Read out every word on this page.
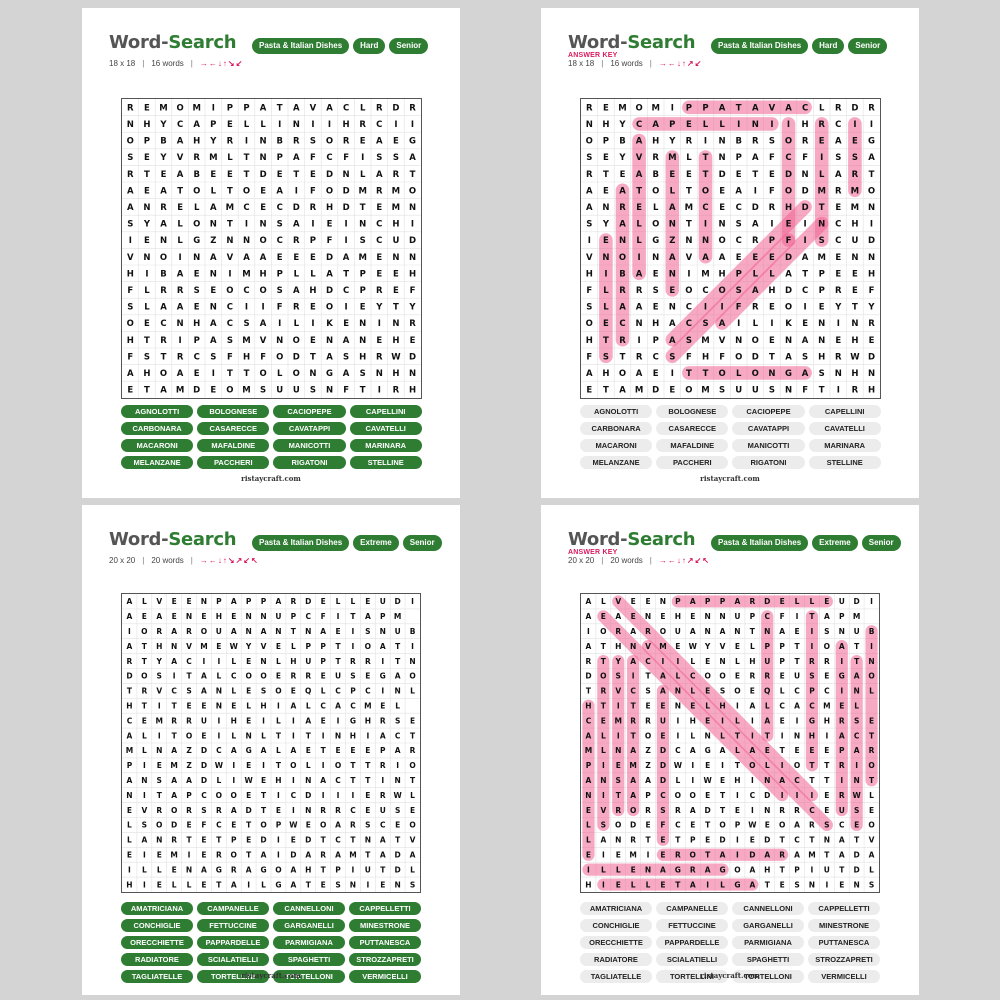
Word-Search	Pasta & Italian Dishes	Hard	Senior
18 x 18 | 16 words | →←↓↑↘↙
R E M O M I P P A T A V A C L R D R
N H Y C A P E L L I N I I H R C I I
O P B A H Y R I N B R S O R E A E G
S E Y V R M L T N P A F C F I S S A
R T E A B E E T D E T E D N L A R T
A E A T O L T O E A I F O D M R M O
A N R E L A M C E C D R H D T E M N
S Y A L O N T I N S A I E I N C H I
I E N L G Z N N O C R P F I S C U D
V N O I N A V A A E E E D A M E N N
H I B A E N I M H P L L A T P E E H
F L R R S E O C O S A H D C P R E F
S L A A E N C I I F R E O I E Y T Y
O E C N H A C S A I L I K E N I N R
H T R I P A S M V N O E N A N E H E
F S T R C S F H F O D T A S H R W D
A H O A E I T T O L O N G A S N H N
E T A M D E O M S U U S N F T I R H
AGNOLOTTI	BOLOGNESE	CACIOPEPE	CAPELLINI
CARBONARA	CASARECCE	CAVATAPPI	CAVATELLI
MACARONI	MAFALDINE	MANICOTTI	MARINARA
MELANZANE	PACCHERI	RIGATONI	STELLINE
ristaycraft.com
Word-Search	Pasta & Italian Dishes	Hard	Senior
ANSWER KEY
18 x 18 | 16 words | →←↓↑↗↙
R E M O M I P P A T A V A C L R D R
N H Y C A P E L L I N I I H R C I I
O P B A H Y R I N B R S O R E A E G
S E Y V R M L T N P A F C F I S S A
R T E A B E E T D E T E D N L A R T
A E A T O L T O E A I F O D M R M O
A N R E L A M C E C D R H D T E M N
S Y A L O N T I N S A I E I N C H I
I E N L G Z N N O C R P F I S C U D
V N O I N A V A A E E E D A M E N N
H I B A E N I M H P L L A T P E E H
F L R R S E O C O S A H D C P R E F
S L A A E N C I I F R E O I E Y T Y
O E C N H A C S A I L I K E N I N R
H T R I P A S M V N O E N A N E H E
F S T R C S F H F O D T A S H R W D
A H O A E I T T O L O N G A S N H N
E T A M D E O M S U U S N F T I R H
AGNOLOTTI	BOLOGNESE	CACIOPEPE	CAPELLINI
CARBONARA	CASARECCE	CAVATAPPI	CAVATELLI
MACARONI	MAFALDINE	MANICOTTI	MARINARA
MELANZANE	PACCHERI	RIGATONI	STELLINE
ristaycraft.com
Word-Search	Pasta & Italian Dishes	Extreme	Senior
20 x 20 | 20 words | →←↓↑↘↗↙↖
A L V E E N P A P P A R D E L L E U D I
A E A E N E H E N N U P C F I T A P M
I O R A R O U A N A N T N A E I S N U B
A T H N V M E W Y V E L P P T I O A T I
R T Y A C I I L E N L H U P T R R I T N
D O S I T A L C O O E R R E U S E G A O
T R V C S A N L E S O E Q L C P C I N L
H T I T E E N E L H I A L C A C M E L
C E M R R U I H E I L I A E I G H R S E
A L I T O E I L N L T I T I N H I A C T
M L N A Z D C A G A L A E T E E E P A R
P I E M Z D W I E I T O L I O T T R I O
A N S A A D L I W E H I N A C T T I N T
N I T A P C O O E T I C D I I I E R W L
E V R O R S R A D T E I N R R C E U S E
L S O D E F C E T O P W E O A R S C E O
L A N R T E T P E D I E D T C T N A T V
E I E M I E R O T A I D A R A M T A D A
I L L E N A G R A G O A H T P I U T D L
H I E L L E T A I L G A T E S N I E N S
AMATRICIANA	CAMPANELLE	CANNELLONI	CAPPELLETTI
CONCHIGLIE	FETTUCCINE	GARGANELLI	MINESTRONE
ORECCHIETTE	PAPPARDELLE	PARMIGIANA	PUTTANESCA
RADIATORE	SCIALATIELLI	SPAGHETTI	STROZZAPRETI
TAGLIATELLE	TORTELLINI	TORTELLONI	VERMICELLI
ristaycraft.com
Word-Search	Pasta & Italian Dishes	Extreme	Senior
ANSWER KEY
20 x 20 | 20 words | →←↓↑↗↙↖
A L V E E N P A P P A R D E L L E U D I
A E A E N E H E N N U P C F I T A P M
I O R A R O U A N A N T N A E I S N U B
A T H N V M E W Y V E L P P T I O A T I
R T Y A C I I L E N L H U P T R R I T N
D O S I T A L C O O E R R E U S E G A O
T R V C S A N L E S O E Q L C P C I N L
H T I T E E N E L H I A L C A C M E L
C E M R R U I H E I L I A E I G H R S E
A L I T O E I L N L T I T I N H I A C T
M L N A Z D C A G A L A E T E E E P A R
P I E M Z D W I E I T O L I O T T R I O
A N S A A D L I W E H I N A C T T I N T
N I T A P C O O E T I C D I I I E R W L
E V R O R S R A D T E I N R R C E U S E
L S O D E F C E T O P W E O A R S C E O
L A N R T E T P E D I E D T C T N A T V
E I E M I E R O T A I D A R A M T A D A
I L L E N A G R A G O A H T P I U T D L
H I E L L E T A I L G A T E S N I E N S
AMATRICIANA	CAMPANELLE	CANNELLONI	CAPPELLETTI
CONCHIGLIE	FETTUCCINE	GARGANELLI	MINESTRONE
ORECCHIETTE	PAPPARDELLE	PARMIGIANA	PUTTANESCA
RADIATORE	SCIALATIELLI	SPAGHETTI	STROZZAPRETI
TAGLIATELLE	TORTELLINI	TORTELLONI	VERMICELLI
ristaycraft.com
